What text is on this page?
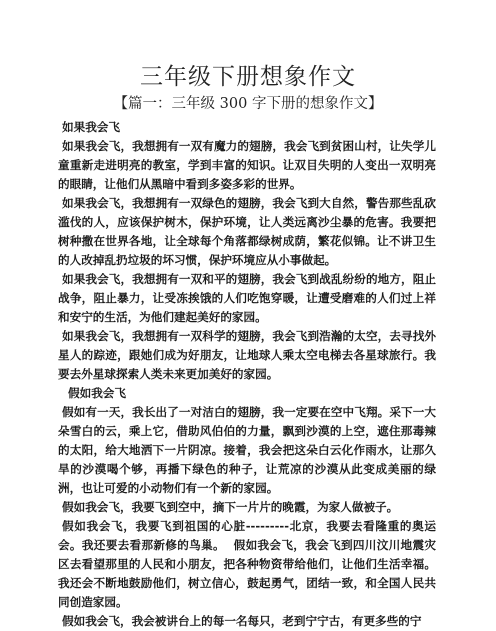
三年级下册想象作文
【篇一：三年级 300 字下册的想象作文】

如果我会飞

如果我会飞，我想拥有一双有魔力的翅膀，我会飞到贫困山村，让失学儿童重新走进明亮的教室，学到丰富的知识。让双目失明的人变出一双明亮的眼睛，让他们从黑暗中看到多姿多彩的世界。

如果我会飞，我想拥有一双绿色的翅膀，我会飞到大自然，警告那些乱砍滥伐的人，应该保护树木，保护环境，让人类远离沙尘暴的危害。我要把树种撒在世界各地，让全球每个角落都绿树成荫，繁花似锦。让不讲卫生的人改掉乱扔垃圾的坏习惯，保护环境应从小事做起。

如果我会飞，我想拥有一双和平的翅膀，我会飞到战乱纷纷的地方，阻止战争，阻止暴力，让受冻挨饿的人们吃饱穿暖，让遭受磨难的人们过上祥和安宁的生活，为他们建起美好的家园。

如果我会飞，我想拥有一双科学的翅膀，我会飞到浩瀚的太空，去寻找外星人的踪迹，跟她们成为好朋友，让地球人乘太空电梯去各星球旅行。我要去外星球探索人类未来更加美好的家园。

假如我会飞

假如有一天，我长出了一对洁白的翅膀，我一定要在空中飞翔。采下一大朵雪白的云，乘上它，借助风伯伯的力量，飘到沙漠的上空，遮住那毒辣的太阳，给大地洒下一片阴凉。接着，我会把这朵白云化作雨水，让那久旱的沙漠喝个够，再播下绿色的种子，让荒凉的沙漠从此变成美丽的绿洲，也让可爱的小动物们有一个新的家园。

假如我会飞，我要飞到空中，摘下一片片的晚霞，为家人做被子。

假如我会飞，我要飞到祖国的心脏---------北京，我要去看隆重的奥运会。我还要去看那新修的鸟巢。  假如我会飞，我会飞到四川汶川地震灾区去看望那里的人民和小朋友，把各种物资带给他们，让他们生活幸福。我还会不断地鼓励他们，树立信心，鼓起勇气，团结一致，和全国人民共同创造家园。

假如我会飞，我会被讲台上的每一名每只，老到宁宁古，有更多些的宁
